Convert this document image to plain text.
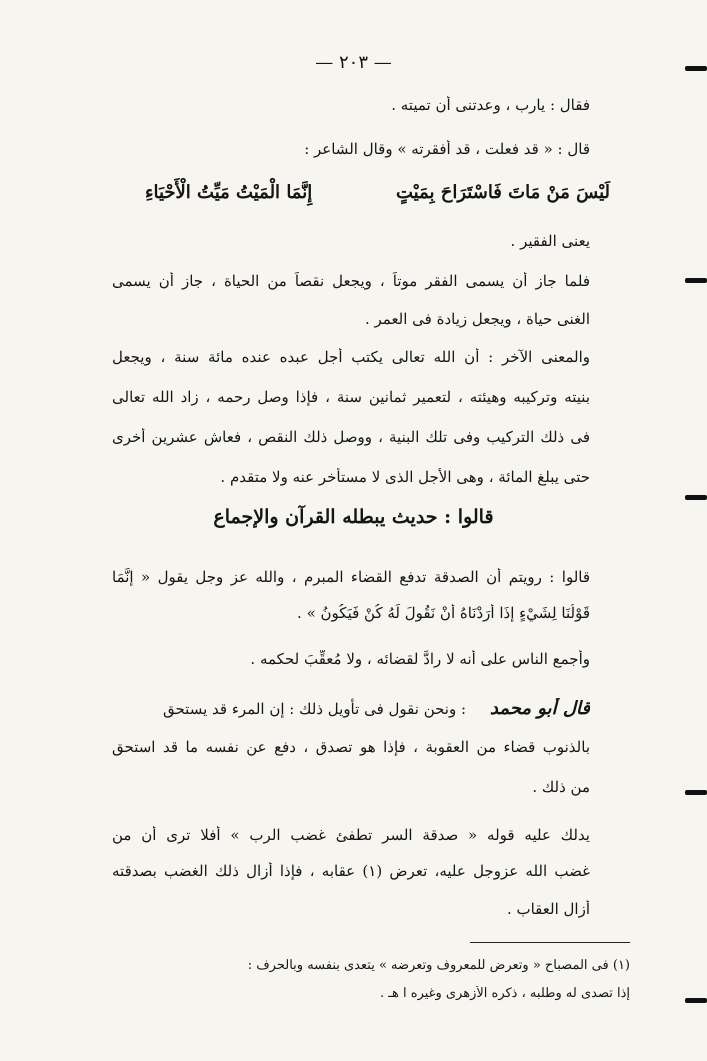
— ٢٠٣ —
فقال : يارب ، وعدتنى أن تميته .
قال : « قد فعلت ، قد أفقرته » وقال الشاعر :
لَيْسَ مَنْ مَاتَ فَاسْتَرَاحَ بِمَيْتٍ
إِنَّمَا الْمَيْتُ مَيِّتُ الْأَحْيَاءِ
يعنى الفقير .
فلما جاز أن يسمى الفقر موتاً ، ويجعل نقصاً من الحياة ، جاز أن يسمى
الغنى حياة ، ويجعل زيادة فى العمر .
والمعنى الآخر : أن الله تعالى يكتب أجل عبده عنده مائة سنة ، ويجعل
بنيته وتركيبه وهيئته ، لتعمير ثمانين سنة ، فإذا وصل رحمه ، زاد الله تعالى
فى ذلك التركيب وفى تلك البنية ، ووصل ذلك النقص ، فعاش عشرين أخرى
حتى يبلغ المائة ، وهى الأجل الذى لا مستأخر عنه ولا متقدم .
قالوا : حديث يبطله القرآن والإجماع
قالوا : رويتم أن الصدقة تدفع القضاء المبرم ، والله عز وجل يقول « إِنَّمَا
قَوْلُنَا لِشَيْءٍ إِذَا أَرَدْنَاهُ أَنْ نَقُولَ لَهُ كُنْ فَيَكُونُ » .
وأجمع الناس على أنه لا رادَّ لقضائه ، ولا مُعقِّبَ لحكمه .
قال أبو محمد     : ونحن نقول فى تأويل ذلك : إن المرء قد يستحق
بالذنوب قضاء من العقوبة ، فإذا هو تصدق ، دفع عن نفسه ما قد استحق
من ذلك .
يدلك عليه قوله « صدقة السر تطفئ غضب الرب » أفلا ترى أن من
غضب الله عزوجل عليه، تعرض (١) عقابه ، فإذا أزال ذلك الغضب بصدقته
أزال العقاب .
(١) فى المصباح « وتعرض للمعروف وتعرضه » يتعدى بنفسه وبالحرف :
إذا تصدى له وطلبه ، ذكره الأزهرى وغيره ا هـ .
